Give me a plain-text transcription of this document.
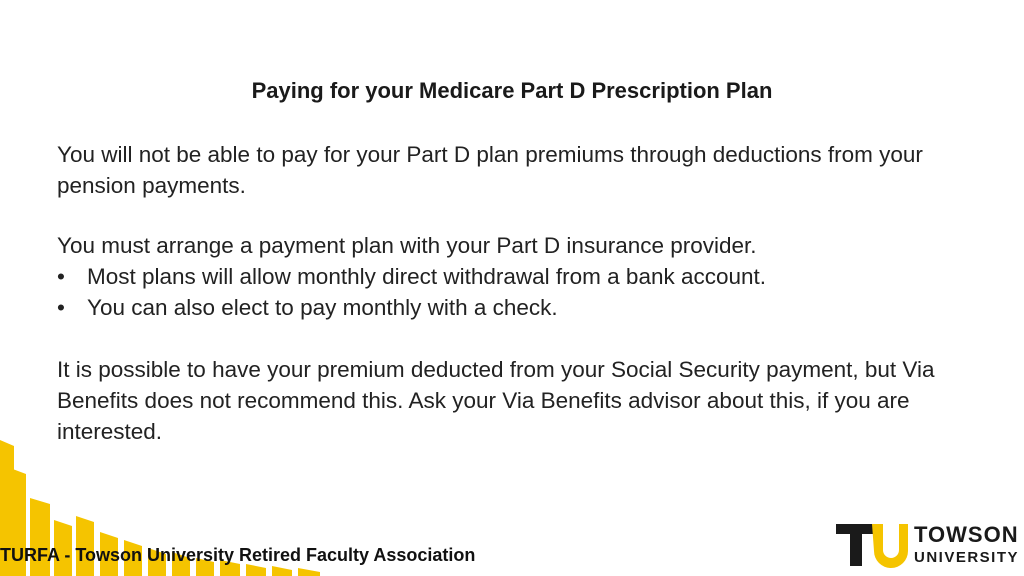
Paying for your Medicare Part D Prescription Plan
You will not be able to pay for your Part D plan premiums through deductions from your pension payments.
You must arrange a payment plan with your Part D insurance provider.
• Most plans will allow monthly direct withdrawal from a bank account.
• You can also elect to pay monthly with a check.
It is possible to have your premium deducted from your Social Security payment, but Via Benefits does not recommend this. Ask your Via Benefits advisor about this, if you are interested.
TURFA - Towson University Retired Faculty Association
TOWSON
UNIVERSITY
